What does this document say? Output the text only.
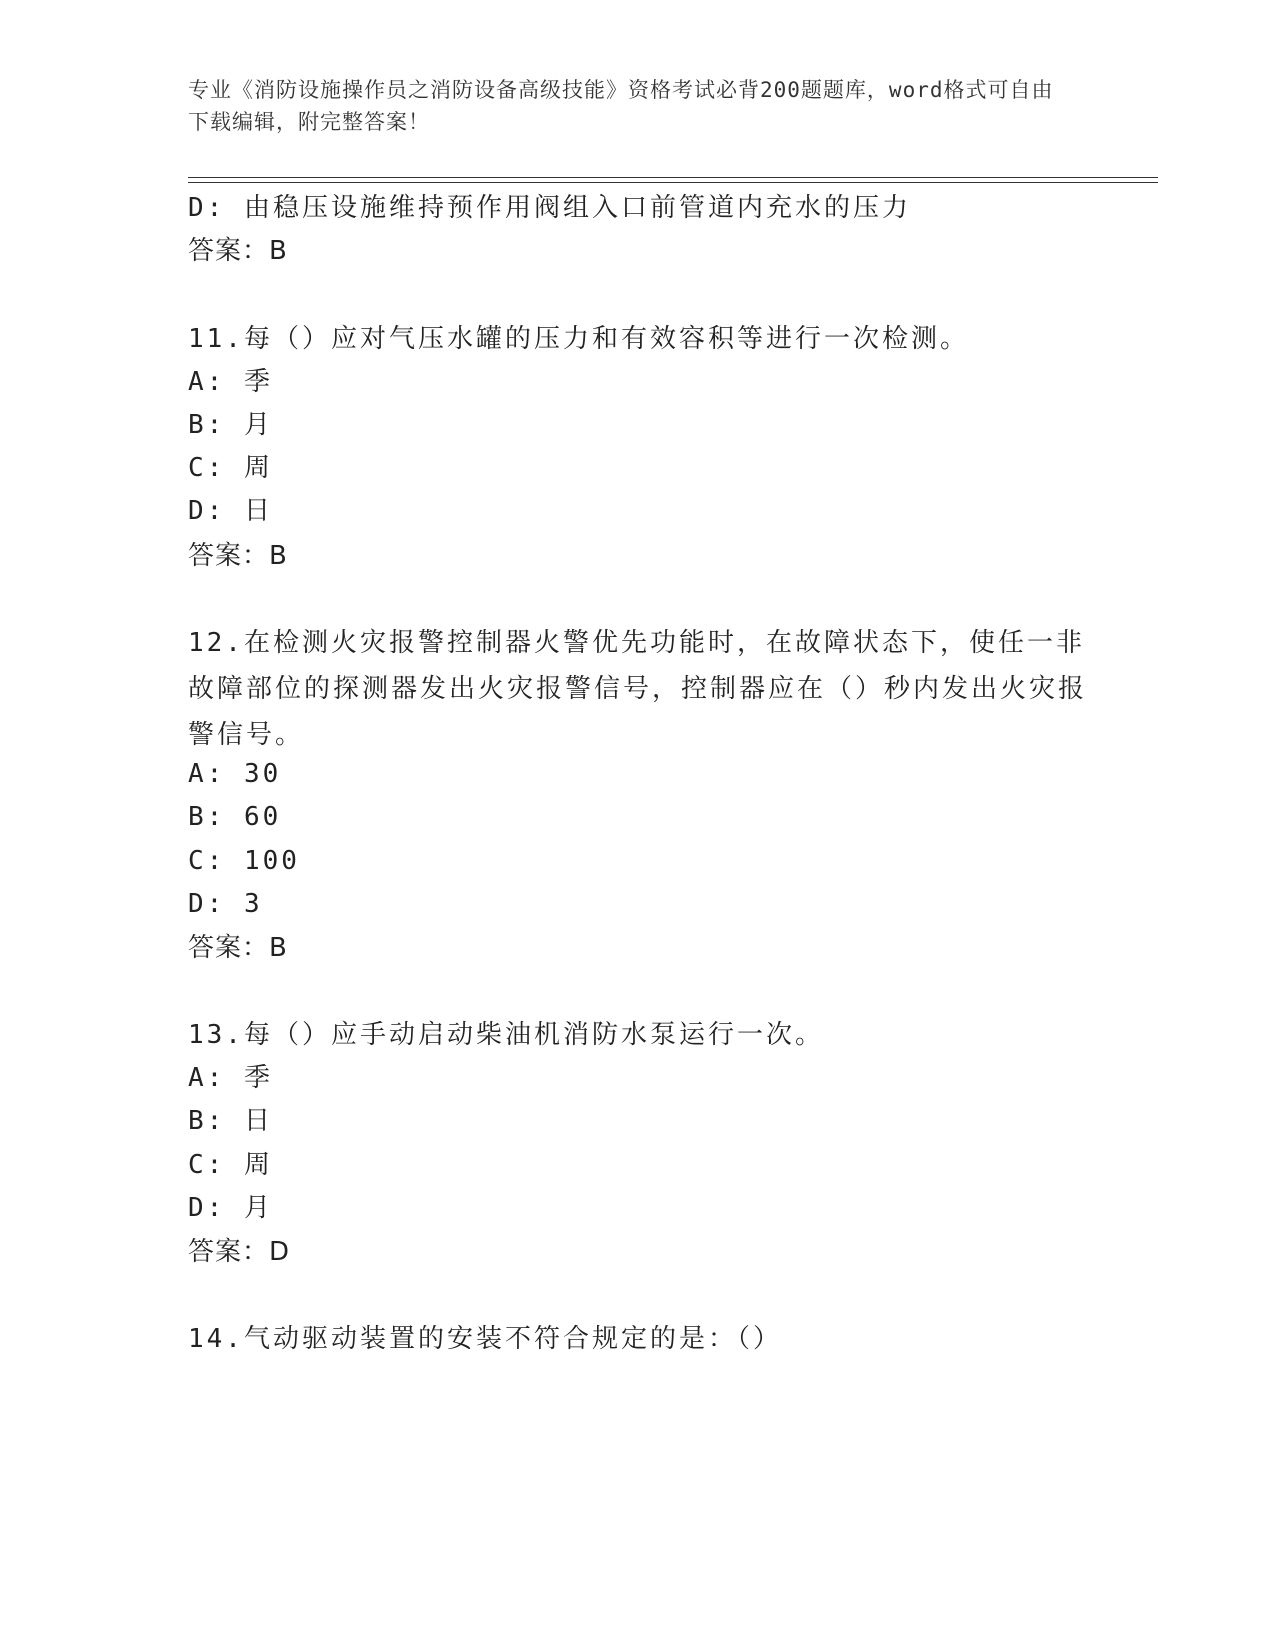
专业《消防设施操作员之消防设备高级技能》资格考试必背200题题库，word格式可自由下载编辑，附完整答案！
D: 由稳压设施维持预作用阀组入口前管道内充水的压力
答案：B
11.每（）应对气压水罐的压力和有效容积等进行一次检测。
A: 季
B: 月
C: 周
D: 日
答案：B
12.在检测火灾报警控制器火警优先功能时，在故障状态下，使任一非故障部位的探测器发出火灾报警信号，控制器应在（）秒内发出火灾报警信号。
A: 30
B: 60
C: 100
D: 3
答案：B
13.每（）应手动启动柴油机消防水泵运行一次。
A: 季
B: 日
C: 周
D: 月
答案：D
14.气动驱动装置的安装不符合规定的是：（）
